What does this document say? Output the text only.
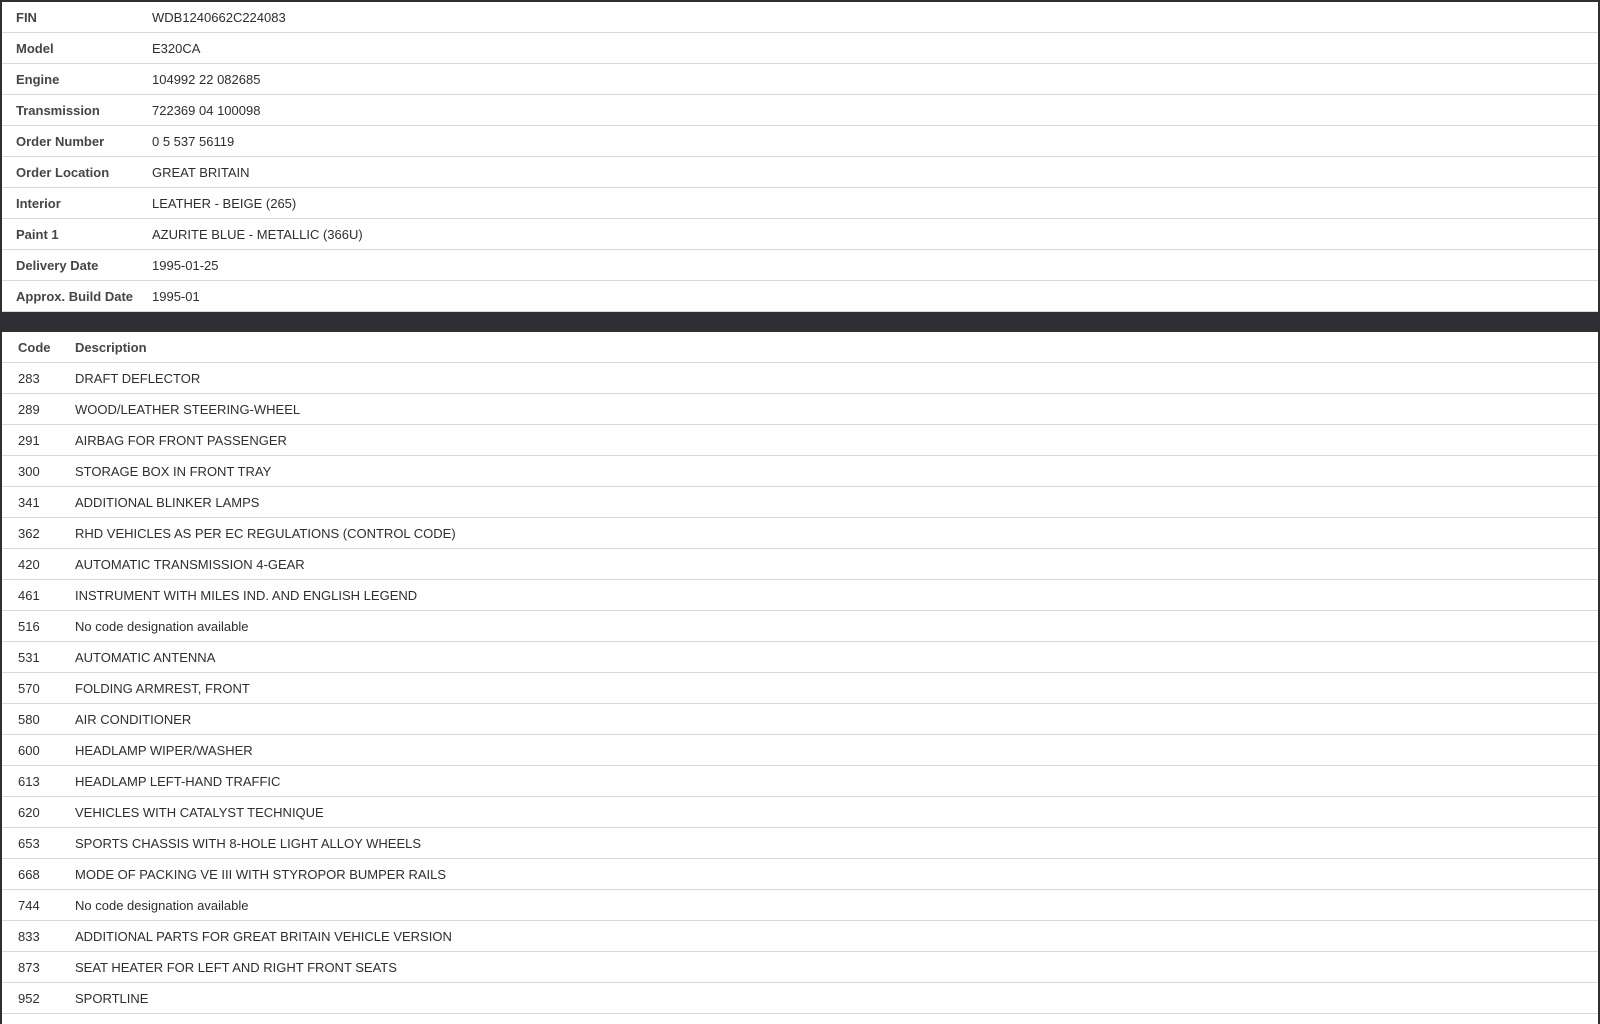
FIN	WDB1240662C224083
Model	E320CA
Engine	104992 22 082685
Transmission	722369 04 100098
Order Number	0 5 537 56119
Order Location	GREAT BRITAIN
Interior	LEATHER - BEIGE (265)
Paint 1	AZURITE BLUE - METALLIC (366U)
Delivery Date	1995-01-25
Approx. Build Date	1995-01
Code	Description
283	DRAFT DEFLECTOR
289	WOOD/LEATHER STEERING-WHEEL
291	AIRBAG FOR FRONT PASSENGER
300	STORAGE BOX IN FRONT TRAY
341	ADDITIONAL BLINKER LAMPS
362	RHD VEHICLES AS PER EC REGULATIONS (CONTROL CODE)
420	AUTOMATIC TRANSMISSION 4-GEAR
461	INSTRUMENT WITH MILES IND. AND ENGLISH LEGEND
516	No code designation available
531	AUTOMATIC ANTENNA
570	FOLDING ARMREST, FRONT
580	AIR CONDITIONER
600	HEADLAMP WIPER/WASHER
613	HEADLAMP LEFT-HAND TRAFFIC
620	VEHICLES WITH CATALYST TECHNIQUE
653	SPORTS CHASSIS WITH 8-HOLE LIGHT ALLOY WHEELS
668	MODE OF PACKING VE III WITH STYROPOR BUMPER RAILS
744	No code designation available
833	ADDITIONAL PARTS FOR GREAT BRITAIN VEHICLE VERSION
873	SEAT HEATER FOR LEFT AND RIGHT FRONT SEATS
952	SPORTLINE
